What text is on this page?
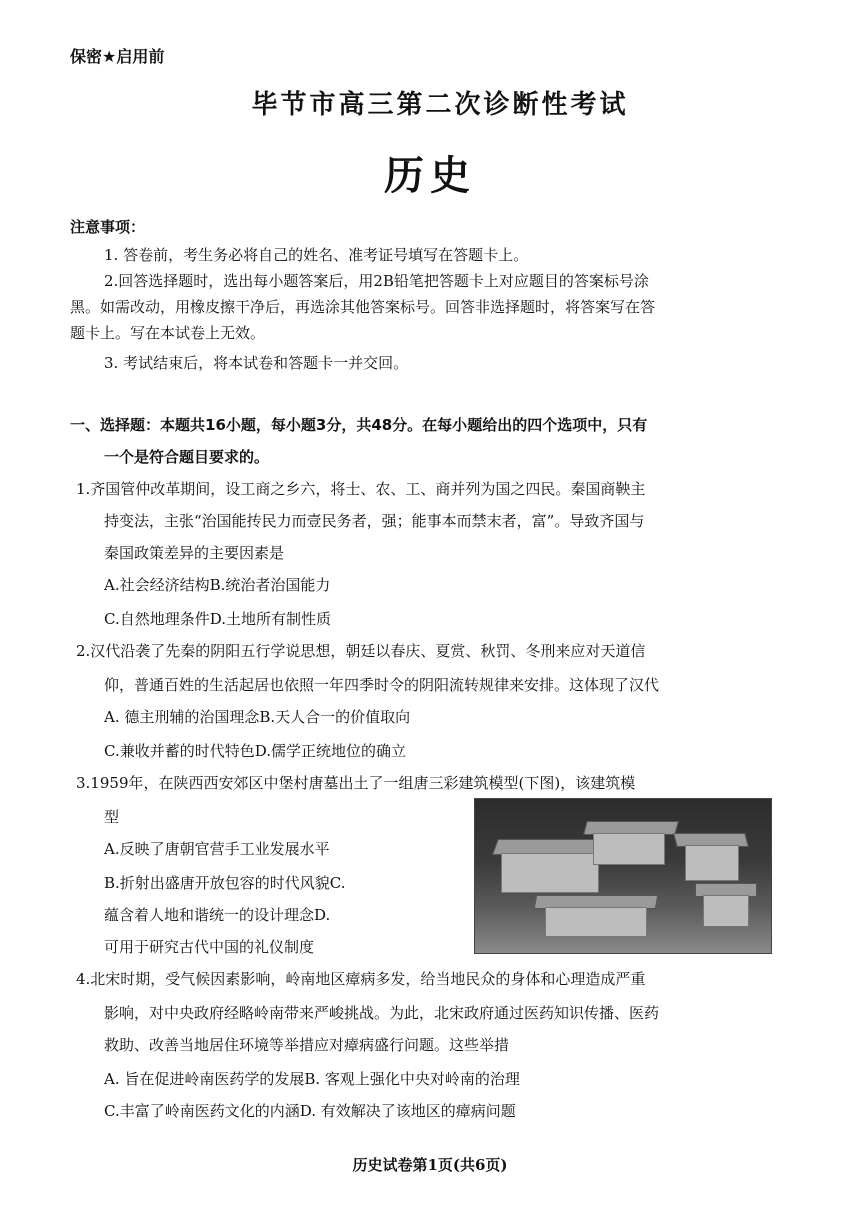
保密★启用前
毕节市高三第二次诊断性考试
历史
注意事项：
1. 答卷前，考生务必将自己的姓名、准考证号填写在答题卡上。
2.回答选择题时，选出每小题答案后，用2B铅笔把答题卡上对应题目的答案标号涂
黑。如需改动，用橡皮擦干净后，再选涂其他答案标号。回答非选择题时，将答案写在答
题卡上。写在本试卷上无效。
3. 考试结束后，将本试卷和答题卡一并交回。
一、选择题：本题共16小题，每小题3分，共48分。在每小题给出的四个选项中，只有
一个是符合题目要求的。
1.齐国管仲改革期间，设工商之乡六，将士、农、工、商并列为国之四民。秦国商鞅主
持变法，主张“治国能抟民力而壹民务者，强；能事本而禁末者，富”。导致齐国与
秦国政策差异的主要因素是
A.社会经济结构B.统治者治国能力
C.自然地理条件D.土地所有制性质
2.汉代沿袭了先秦的阴阳五行学说思想，朝廷以春庆、夏赏、秋罚、冬刑来应对天道信
仰，普通百姓的生活起居也依照一年四季时令的阴阳流转规律来安排。这体现了汉代
A. 德主刑辅的治国理念B.天人合一的价值取向
C.兼收并蓄的时代特色D.儒学正统地位的确立
3.1959年，在陕西西安郊区中堡村唐墓出土了一组唐三彩建筑模型(下图)，该建筑模
型
A.反映了唐朝官营手工业发展水平
B.折射出盛唐开放包容的时代风貌C.
蕴含着人地和谐统一的设计理念D.
可用于研究古代中国的礼仪制度
4.北宋时期，受气候因素影响，岭南地区瘴病多发，给当地民众的身体和心理造成严重
影响，对中央政府经略岭南带来严峻挑战。为此，北宋政府通过医药知识传播、医药
救助、改善当地居住环境等举措应对瘴病盛行问题。这些举措
A. 旨在促进岭南医药学的发展B. 客观上强化中央对岭南的治理
C.丰富了岭南医药文化的内涵D. 有效解决了该地区的瘴病问题
历史试卷第1页(共6页)
